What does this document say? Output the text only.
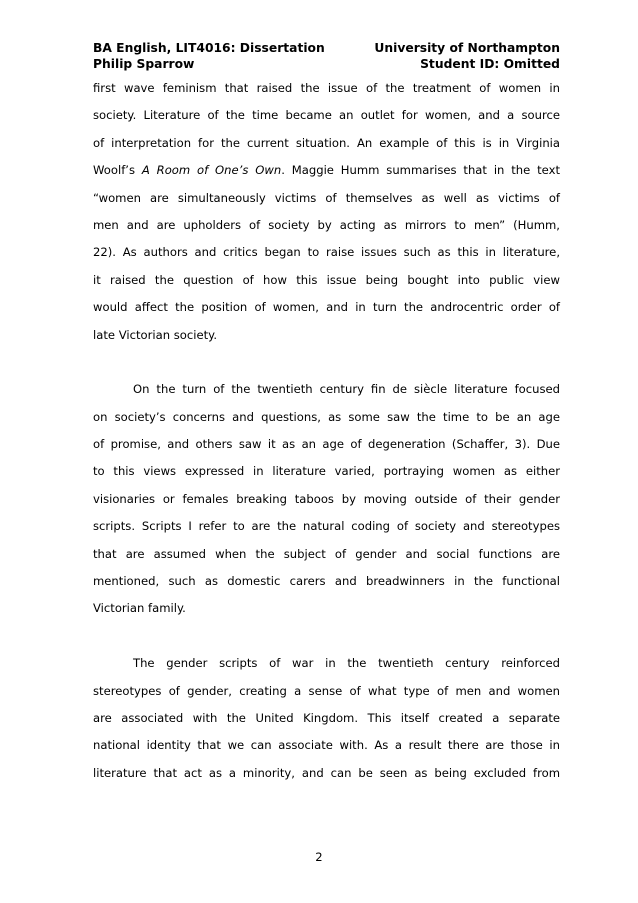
BA English, LIT4016: Dissertation	University of Northampton
Philip Sparrow	Student ID: Omitted
first wave feminism that raised the issue of the treatment of women in
society. Literature of the time became an outlet for women, and a source
of interpretation for the current situation. An example of this is in Virginia
Woolf’s A Room of One’s Own. Maggie Humm summarises that in the text
“women are simultaneously victims of themselves as well as victims of
men and are upholders of society by acting as mirrors to men” (Humm,
22). As authors and critics began to raise issues such as this in literature,
it raised the question of how this issue being bought into public view
would affect the position of women, and in turn the androcentric order of
late Victorian society.
On the turn of the twentieth century fin de siècle literature focused
on society’s concerns and questions, as some saw the time to be an age
of promise, and others saw it as an age of degeneration (Schaffer, 3). Due
to this views expressed in literature varied, portraying women as either
visionaries or females breaking taboos by moving outside of their gender
scripts. Scripts I refer to are the natural coding of society and stereotypes
that are assumed when the subject of gender and social functions are
mentioned, such as domestic carers and breadwinners in the functional
Victorian family.
The gender scripts of war in the twentieth century reinforced
stereotypes of gender, creating a sense of what type of men and women
are associated with the United Kingdom. This itself created a separate
national identity that we can associate with. As a result there are those in
literature that act as a minority, and can be seen as being excluded from
2
